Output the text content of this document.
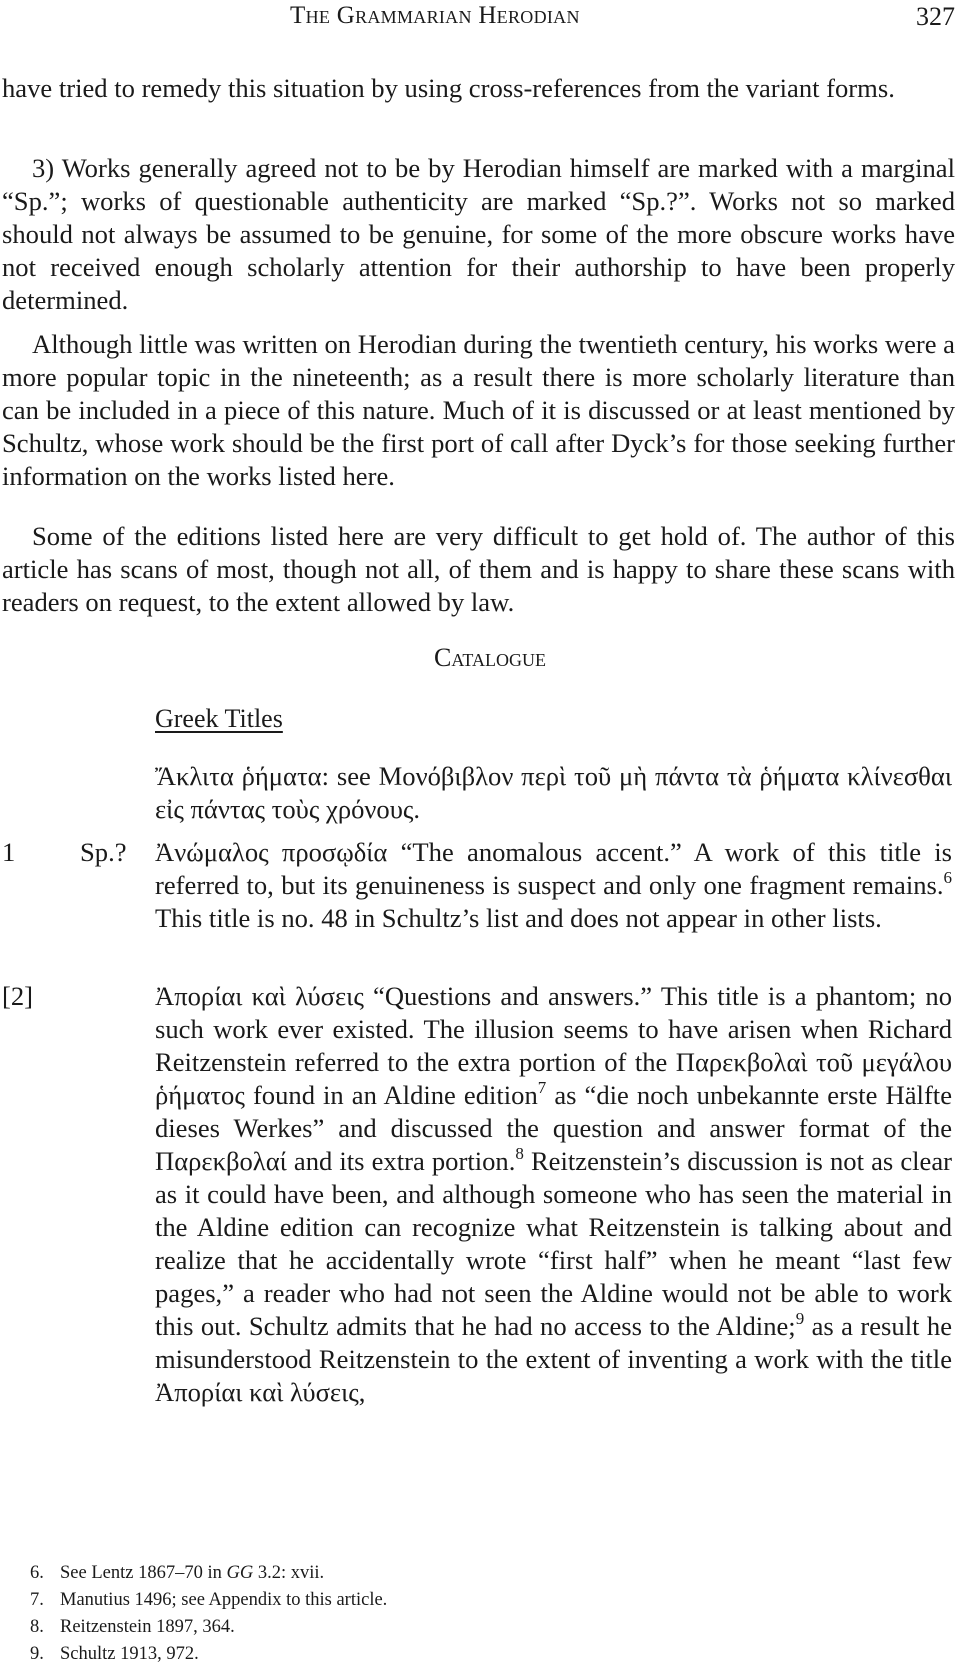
The Grammarian Herodian	327

have tried to remedy this situation by using cross-references from the variant forms.

3) Works generally agreed not to be by Herodian himself are marked with a marginal “Sp.”; works of questionable authenticity are marked “Sp.?”. Works not so marked should not always be assumed to be genuine, for some of the more obscure works have not received enough scholarly attention for their authorship to have been properly determined.

Although little was written on Herodian during the twentieth century, his works were a more popular topic in the nineteenth; as a result there is more scholarly literature than can be included in a piece of this nature. Much of it is discussed or at least mentioned by Schultz, whose work should be the first port of call after Dyck’s for those seeking further information on the works listed here.

Some of the editions listed here are very difficult to get hold of. The author of this article has scans of most, though not all, of them and is happy to share these scans with readers on request, to the extent allowed by law.

Catalogue
Greek Titles

Ἄκλιτα ῥήματα: see Μονόβιβλον περὶ τοῦ μὴ πάντα τὰ ῥήματα κλίνεσθαι εἰς πάντας τοὺς χρόνους.

1 Sp.? Ἀνώμαλος προσῳδία “The anomalous accent.” A work of this title is referred to, but its genuineness is suspect and only one fragment remains.$^6$ This title is no. 48 in Schultz’s list and does not appear in other lists.

[2]	Ἀπορίαι καὶ λύσεις “Questions and answers.” This title is a phantom; no such work ever existed. The illusion seems to have arisen when Richard Reitzenstein referred to the extra portion of the Παρεκβολαὶ τοῦ μεγάλου ῥήματος found in an Aldine edition$^7$ as “die noch unbekannte erste Hälfte dieses Werkes” and discussed the question and answer format of the Παρεκβολαί and its extra portion.$^8$ Reitzenstein’s discussion is not as clear as it could have been, and although someone who has seen the material in the Aldine edition can recognize what Reitzenstein is talking about and realize that he accidentally wrote “first half” when he meant “last few pages,” a reader who had not seen the Aldine would not be able to work this out. Schultz admits that he had no access to the Aldine;$^9$ as a result he misunderstood Reitzenstein to the extent of inventing a work with the title Ἀπορίαι καὶ λύσεις,

6. See Lentz 1867–70 in GG 3.2: xvii.
7. Manutius 1496; see Appendix to this article.
8. Reitzenstein 1897, 364.
9. Schultz 1913, 972.
